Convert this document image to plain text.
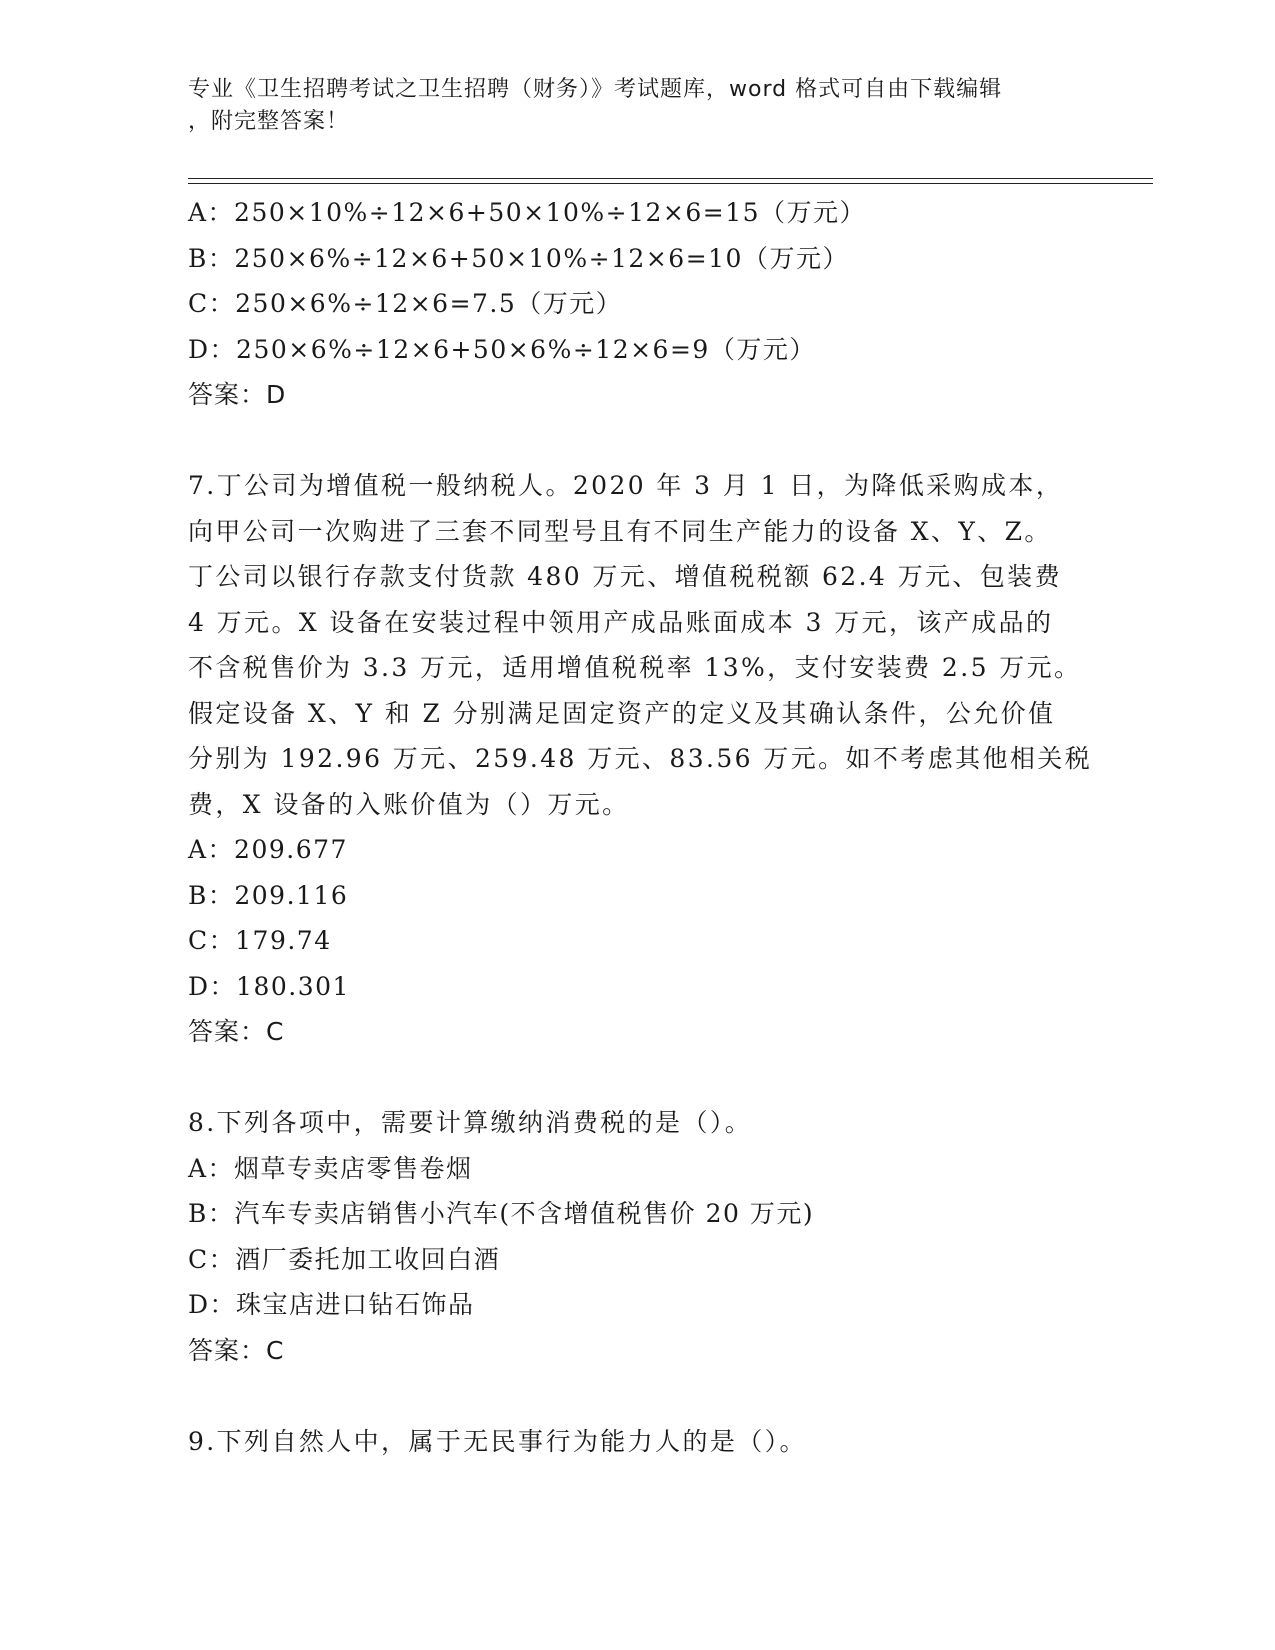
专业《卫生招聘考试之卫生招聘（财务）》考试题库，word 格式可自由下载编辑
，附完整答案！
A：250×10%÷12×6+50×10%÷12×6=15（万元）
B：250×6%÷12×6+50×10%÷12×6=10（万元）
C：250×6%÷12×6=7.5（万元）
D：250×6%÷12×6+50×6%÷12×6=9（万元）
答案：D
7.丁公司为增值税一般纳税人。2020 年 3 月 1 日，为降低采购成本，
向甲公司一次购进了三套不同型号且有不同生产能力的设备 X、Y、Z。
丁公司以银行存款支付货款 480 万元、增值税税额 62.4 万元、包装费
4 万元。X 设备在安装过程中领用产成品账面成本 3 万元，该产成品的
不含税售价为 3.3 万元，适用增值税税率 13%，支付安装费 2.5 万元。
假定设备 X、Y 和 Z 分别满足固定资产的定义及其确认条件，公允价值
分别为 192.96 万元、259.48 万元、83.56 万元。如不考虑其他相关税
费，X 设备的入账价值为（）万元。
A：209.677
B：209.116
C：179.74
D：180.301
答案：C
8.下列各项中，需要计算缴纳消费税的是（）。
A：烟草专卖店零售卷烟
B：汽车专卖店销售小汽车(不含增值税售价 20 万元)
C：酒厂委托加工收回白酒
D：珠宝店进口钻石饰品
答案：C
9.下列自然人中，属于无民事行为能力人的是（）。
